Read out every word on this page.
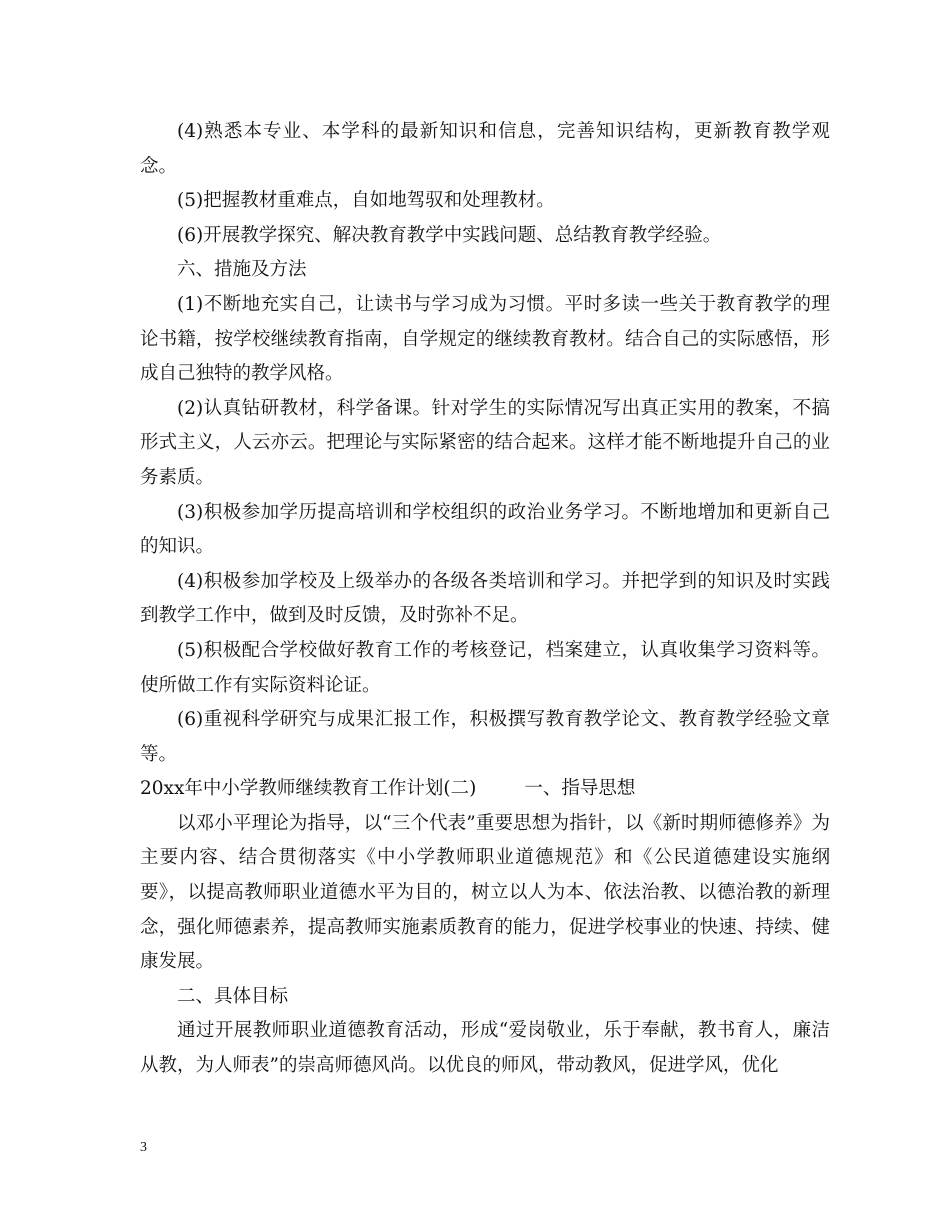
(4)熟悉本专业、本学科的最新知识和信息，完善知识结构，更新教育教学观念。

(5)把握教材重难点，自如地驾驭和处理教材。

(6)开展教学探究、解决教育教学中实践问题、总结教育教学经验。

六、措施及方法

(1)不断地充实自己，让读书与学习成为习惯。平时多读一些关于教育教学的理论书籍，按学校继续教育指南，自学规定的继续教育教材。结合自己的实际感悟，形成自己独特的教学风格。

(2)认真钻研教材，科学备课。针对学生的实际情况写出真正实用的教案，不搞形式主义，人云亦云。把理论与实际紧密的结合起来。这样才能不断地提升自己的业务素质。

(3)积极参加学历提高培训和学校组织的政治业务学习。不断地增加和更新自己的知识。

(4)积极参加学校及上级举办的各级各类培训和学习。并把学到的知识及时实践到教学工作中，做到及时反馈，及时弥补不足。

(5)积极配合学校做好教育工作的考核登记，档案建立，认真收集学习资料等。使所做工作有实际资料论证。

(6)重视科学研究与成果汇报工作，积极撰写教育教学论文、教育教学经验文章等。

20xx年中小学教师继续教育工作计划(二)	一、指导思想

以邓小平理论为指导，以“三个代表”重要思想为指针，以《新时期师德修养》为主要内容、结合贯彻落实《中小学教师职业道德规范》和《公民道德建设实施纲要》，以提高教师职业道德水平为目的，树立以人为本、依法治教、以德治教的新理念，强化师德素养，提高教师实施素质教育的能力，促进学校事业的快速、持续、健康发展。

二、具体目标

通过开展教师职业道德教育活动，形成“爱岗敬业，乐于奉献，教书育人，廉洁从教，为人师表”的崇高师德风尚。以优良的师风，带动教风，促进学风，优化

3
